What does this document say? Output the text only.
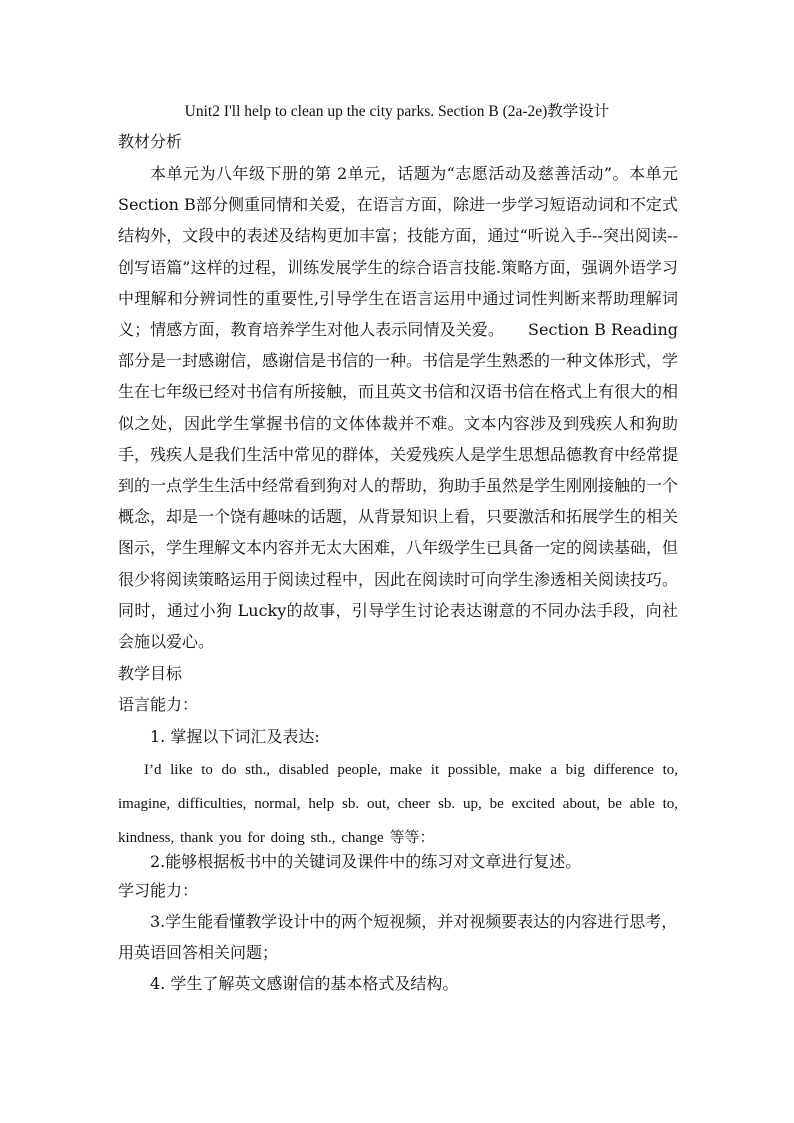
Unit2 I'll help to clean up the city parks. Section B (2a-2e)教学设计
教材分析

本单元为八年级下册的第 2单元，话题为“志愿活动及慈善活动”。本单元Section B部分侧重同情和关爱，在语言方面，除进一步学习短语动词和不定式结构外，文段中的表述及结构更加丰富；技能方面，通过“听说入手--突出阅读--创写语篇”这样的过程，训练发展学生的综合语言技能.策略方面，强调外语学习中理解和分辨词性的重要性,引导学生在语言运用中通过词性判断来帮助理解词义；情感方面，教育培养学生对他人表示同情及关爱。　　Section B Reading部分是一封感谢信，感谢信是书信的一种。书信是学生熟悉的一种文体形式，学生在七年级已经对书信有所接触，而且英文书信和汉语书信在格式上有很大的相似之处，因此学生掌握书信的文体体裁并不难。文本内容涉及到残疾人和狗助手，残疾人是我们生活中常见的群体，关爱残疾人是学生思想品德教育中经常提到的一点学生生活中经常看到狗对人的帮助，狗助手虽然是学生刚刚接触的一个概念，却是一个饶有趣味的话题，从背景知识上看，只要激活和拓展学生的相关图示，学生理解文本内容并无太大困难，八年级学生已具备一定的阅读基础，但很少将阅读策略运用于阅读过程中，因此在阅读时可向学生渗透相关阅读技巧。同时，通过小狗 Lucky的故事，引导学生讨论表达谢意的不同办法手段，向社会施以爱心。

教学目标
语言能力：

1. 掌握以下词汇及表达:

I’d like to do sth., disabled people, make it possible, make a big difference to, imagine, difficulties, normal, help sb. out, cheer sb. up, be excited about, be able to, kindness, thank you for doing sth., change 等等：

2.能够根据板书中的关键词及课件中的练习对文章进行复述。

学习能力：

3.学生能看懂教学设计中的两个短视频，并对视频要表达的内容进行思考，用英语回答相关问题；

4. 学生了解英文感谢信的基本格式及结构。
